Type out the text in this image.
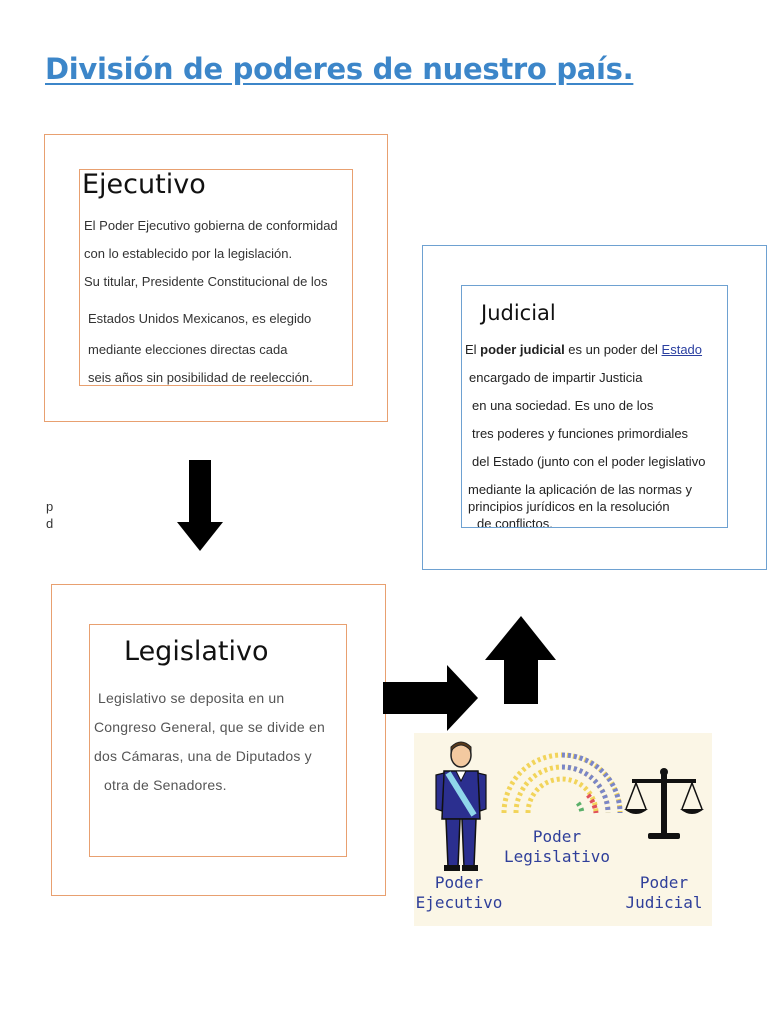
División de poderes de nuestro país.
Ejecutivo
El Poder Ejecutivo gobierna de conformidad
con lo establecido por la legislación.
Su titular, Presidente Constitucional de los
Estados Unidos Mexicanos, es elegido
mediante elecciones directas cada
seis años sin posibilidad de reelección.
Judicial
El poder judicial es un poder del Estado
encargado de impartir Justicia
en una sociedad. Es uno de los
tres poderes y funciones primordiales
del Estado (junto con el poder legislativo
mediante la aplicación de las normas y
principios jurídicos en la resolución
de conflictos.
p
d
Legislativo
Legislativo se deposita en un
Congreso General, que se divide en
dos Cámaras, una de Diputados y
otra de Senadores.
Poder
Ejecutivo
Poder
Legislativo
Poder
Judicial
